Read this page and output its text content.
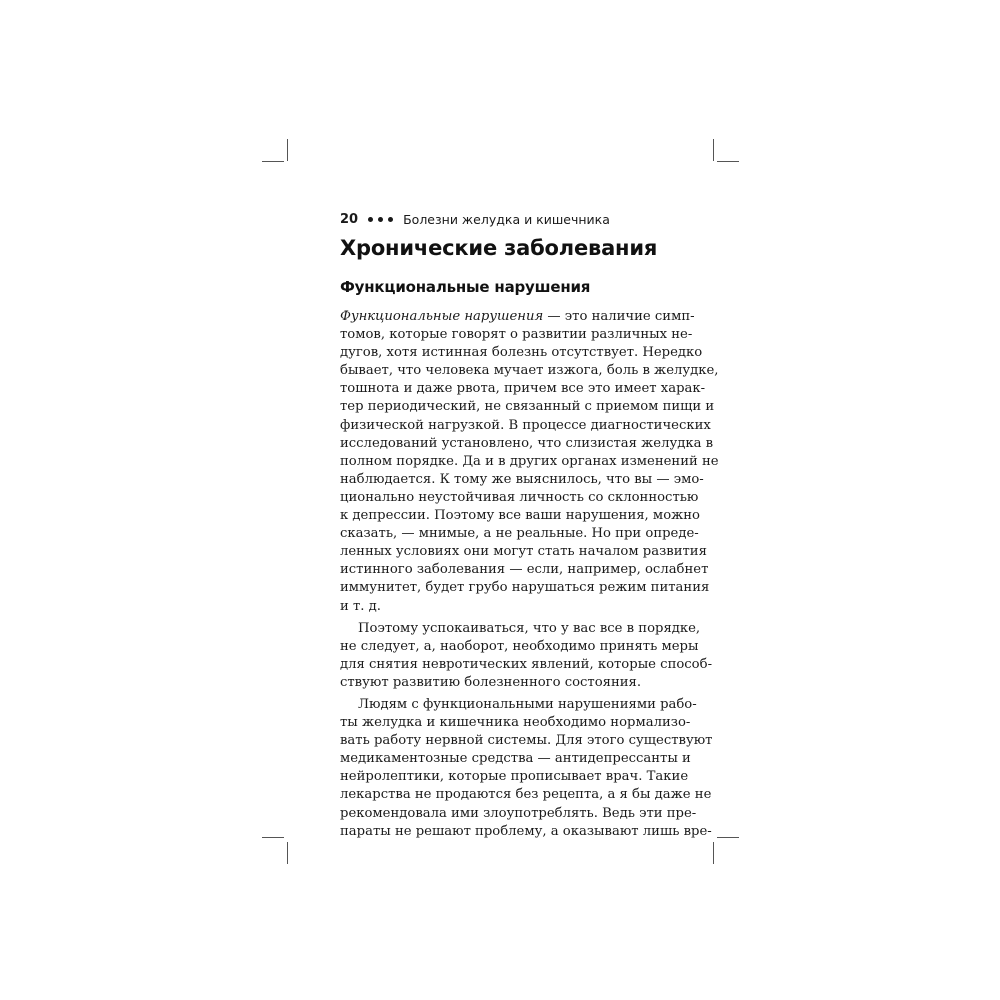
20	Болезни желудка и кишечника
Хронические заболевания
Функциональные нарушения
Функциональные нарушения — это наличие симп-
томов, которые говорят о развитии различных не-
дугов, хотя истинная болезнь отсутствует. Нередко
бывает, что человека мучает изжога, боль в желудке,
тошнота и даже рвота, причем все это имеет харак-
тер периодический, не связанный с приемом пищи и
физической нагрузкой. В процессе диагностических
исследований установлено, что слизистая желудка в
полном порядке. Да и в других органах изменений не
наблюдается. К тому же выяснилось, что вы — эмо-
ционально неустойчивая личность со склонностью
к депрессии. Поэтому все ваши нарушения, можно
сказать, — мнимые, а не реальные. Но при опреде-
ленных условиях они могут стать началом развития
истинного заболевания — если, например, ослабнет
иммунитет, будет грубо нарушаться режим питания
и т. д.
Поэтому успокаиваться, что у вас все в порядке,
не следует, а, наоборот, необходимо принять меры
для снятия невротических явлений, которые способ-
ствуют развитию болезненного состояния.
Людям с функциональными нарушениями рабо-
ты желудка и кишечника необходимо нормализо-
вать работу нервной системы. Для этого существуют
медикаментозные средства — антидепрессанты и
нейролептики, которые прописывает врач. Такие
лекарства не продаются без рецепта, а я бы даже не
рекомендовала ими злоупотреблять. Ведь эти пре-
параты не решают проблему, а оказывают лишь вре-
